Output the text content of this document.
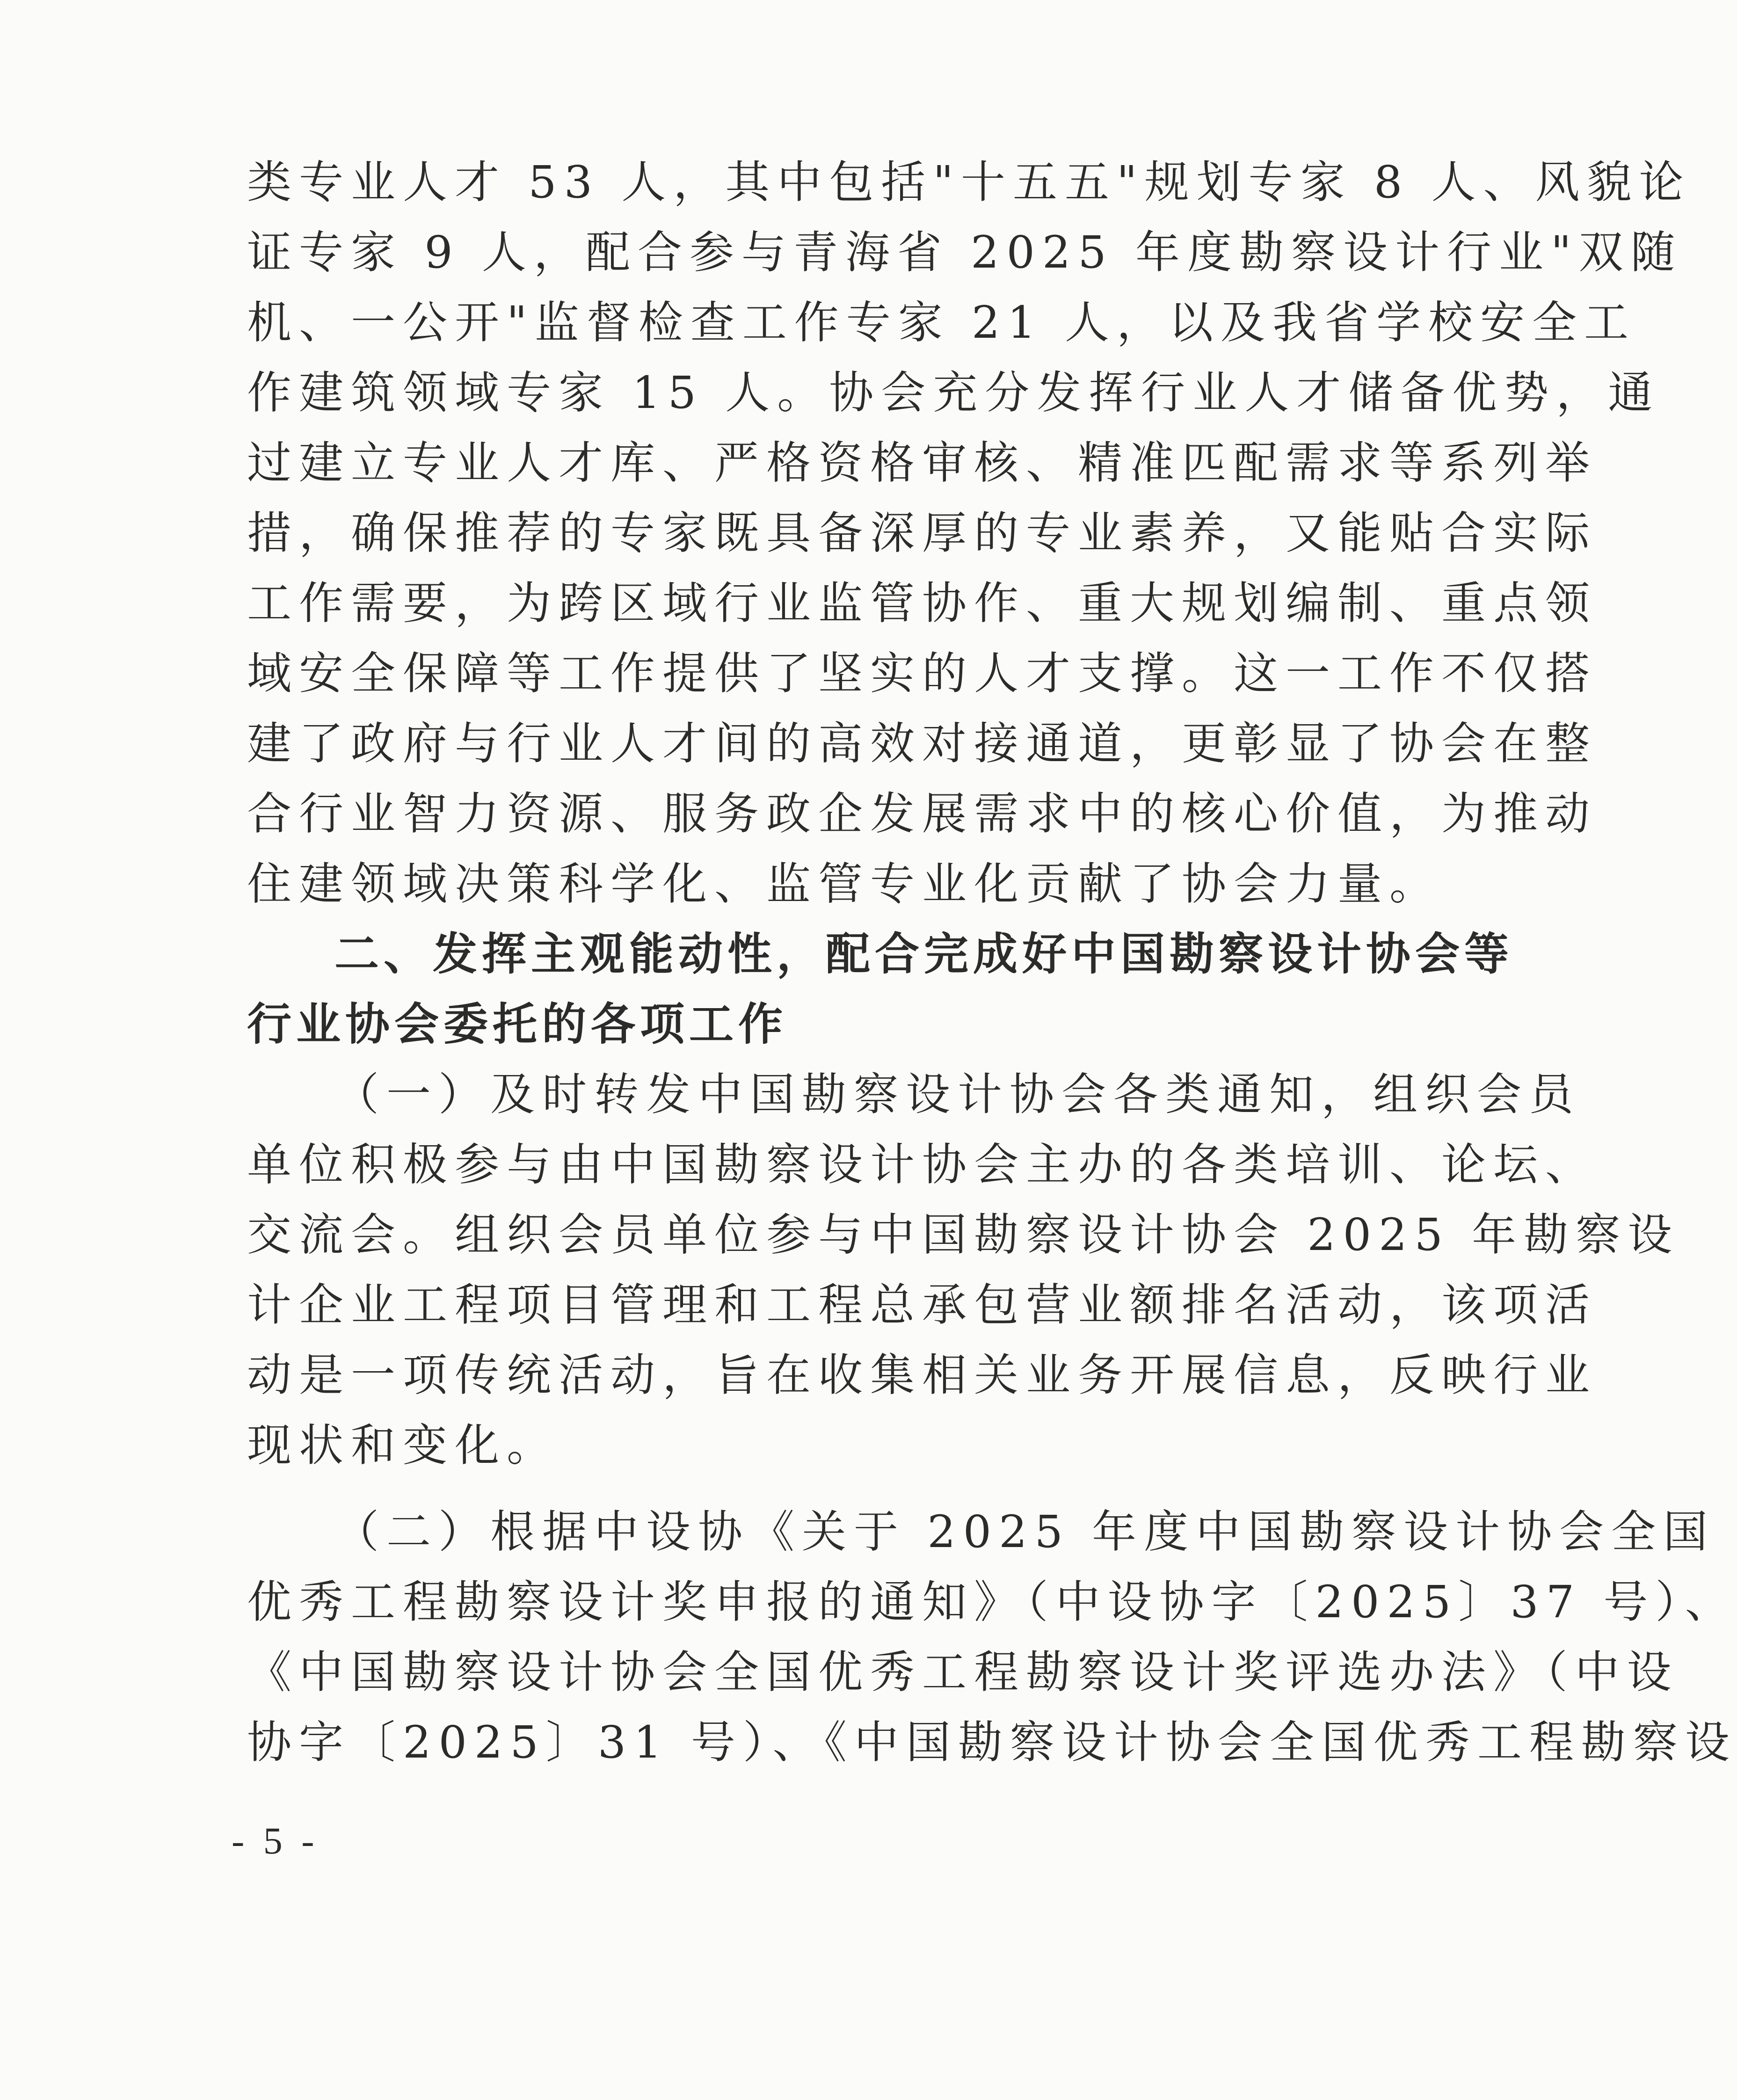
类专业人才 53 人，其中包括"十五五"规划专家 8 人、风貌论
证专家 9 人，配合参与青海省 2025 年度勘察设计行业"双随
机、一公开"监督检查工作专家 21 人，以及我省学校安全工
作建筑领域专家 15 人。协会充分发挥行业人才储备优势，通
过建立专业人才库、严格资格审核、精准匹配需求等系列举
措，确保推荐的专家既具备深厚的专业素养，又能贴合实际
工作需要，为跨区域行业监管协作、重大规划编制、重点领
域安全保障等工作提供了坚实的人才支撑。这一工作不仅搭
建了政府与行业人才间的高效对接通道，更彰显了协会在整
合行业智力资源、服务政企发展需求中的核心价值，为推动
住建领域决策科学化、监管专业化贡献了协会力量。
二、发挥主观能动性，配合完成好中国勘察设计协会等
行业协会委托的各项工作
（一）及时转发中国勘察设计协会各类通知，组织会员
单位积极参与由中国勘察设计协会主办的各类培训、论坛、
交流会。组织会员单位参与中国勘察设计协会 2025 年勘察设
计企业工程项目管理和工程总承包营业额排名活动，该项活
动是一项传统活动，旨在收集相关业务开展信息，反映行业
现状和变化。
（二）根据中设协《关于 2025 年度中国勘察设计协会全国
优秀工程勘察设计奖申报的通知》（中设协字〔2025〕37 号）、
《中国勘察设计协会全国优秀工程勘察设计奖评选办法》（中设
协字〔2025〕31 号）、《中国勘察设计协会全国优秀工程勘察设
- 5 -
